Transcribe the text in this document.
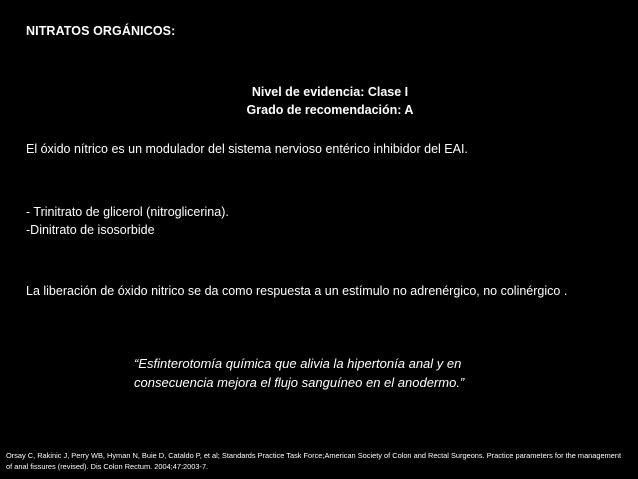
NITRATOS ORGÁNICOS:
Nivel de evidencia: Clase I
Grado de recomendación: A
El óxido nítrico es un modulador del sistema nervioso entérico inhibidor del EAI.
- Trinitrato de glicerol (nitroglicerina).
-Dinitrato de isosorbide
La liberación de óxido nitrico se da como respuesta a un estímulo no adrenérgico, no colinérgico .
“Esfinterotomía química que alivia la hipertonía anal y en consecuencia mejora el flujo sanguíneo en el anodermo.”
Orsay C, Rakinic J, Perry WB, Hyman N, Buie D, Cataldo P, et al; Standards Practice Task Force;American Society of Colon and Rectal Surgeons. Practice parameters for the management of anal fissures (revised). Dis Colon Rectum. 2004;47:2003-7.
